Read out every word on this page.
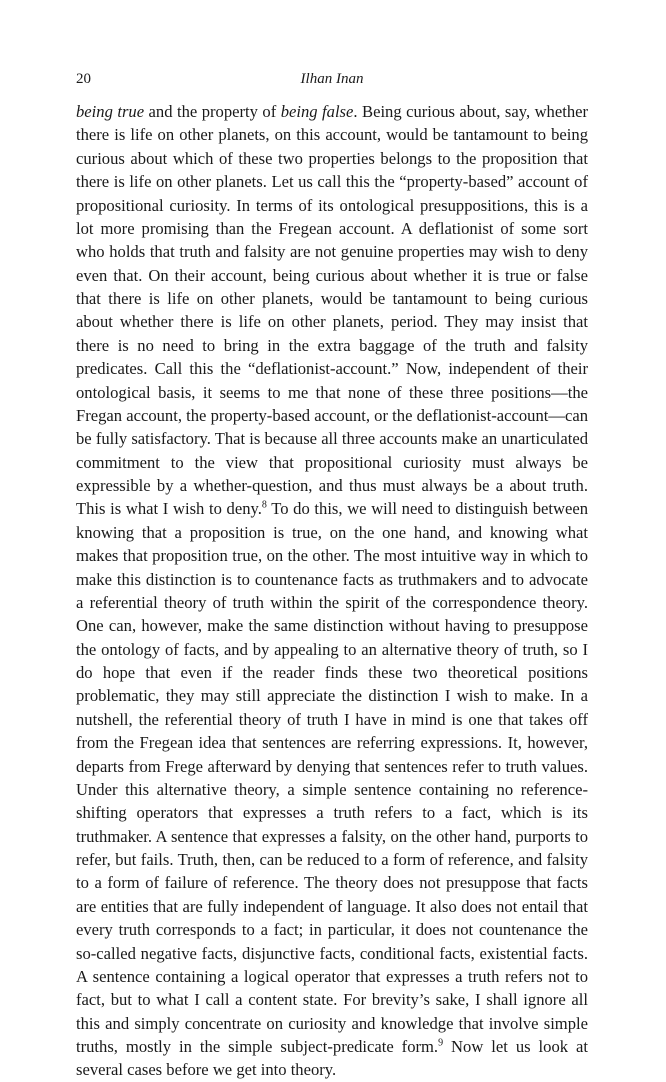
20	Ilhan Inan

being true and the property of being false. Being curious about, say, whether there is life on other planets, on this account, would be tantamount to being curious about which of these two properties belongs to the proposition that there is life on other planets. Let us call this the “property-based” account of propositional curiosity. In terms of its ontological presuppositions, this is a lot more promising than the Fregean account. A deflationist of some sort who holds that truth and falsity are not genuine properties may wish to deny even that. On their account, being curious about whether it is true or false that there is life on other planets, would be tantamount to being curious about whether there is life on other planets, period. They may insist that there is no need to bring in the extra baggage of the truth and falsity predicates. Call this the “deflationist-account.” Now, independent of their ontological basis, it seems to me that none of these three positions—the Fregan account, the property-based account, or the deflationist-account—can be fully satisfactory. That is because all three accounts make an unarticulated commitment to the view that propositional curiosity must always be expressible by a whether-question, and thus must always be a about truth. This is what I wish to deny.$^8$ To do this, we will need to distinguish between knowing that a proposition is true, on the one hand, and knowing what makes that proposition true, on the other. The most intuitive way in which to make this distinction is to countenance facts as truthmakers and to advocate a referential theory of truth within the spirit of the correspondence theory. One can, however, make the same distinction without having to presuppose the ontology of facts, and by appealing to an alternative theory of truth, so I do hope that even if the reader finds these two theoretical positions problematic, they may still appreciate the distinction I wish to make. In a nutshell, the referential theory of truth I have in mind is one that takes off from the Fregean idea that sentences are referring expressions. It, however, departs from Frege afterward by denying that sentences refer to truth values. Under this alternative theory, a simple sentence containing no reference-shifting operators that expresses a truth refers to a fact, which is its truthmaker. A sentence that expresses a falsity, on the other hand, purports to refer, but fails. Truth, then, can be reduced to a form of reference, and falsity to a form of failure of reference. The theory does not presuppose that facts are entities that are fully independent of language. It also does not entail that every truth corresponds to a fact; in particular, it does not countenance the so-called negative facts, disjunctive facts, conditional facts, existential facts. A sentence containing a logical operator that expresses a truth refers not to fact, but to what I call a content state. For brevity’s sake, I shall ignore all this and simply concentrate on curiosity and knowledge that involve simple truths, mostly in the simple subject-predicate form.$^9$ Now let us look at several cases before we get into theory.
